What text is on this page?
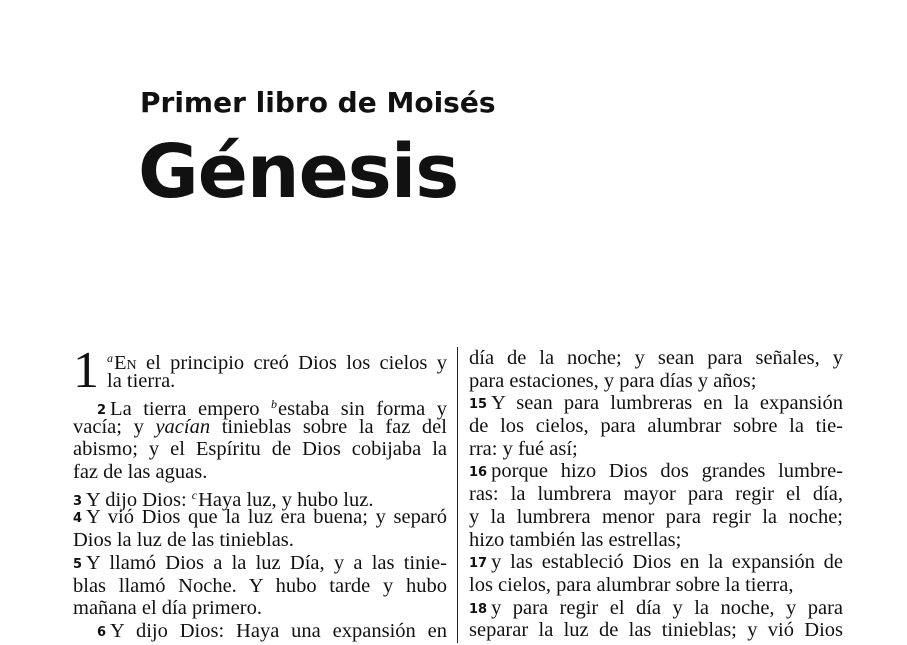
Primer libro de Moisés
Génesis
1 $^a$En el principio creó Dios los cielos y
la tierra.
2 La tierra empero $^b$estaba sin forma y
vacía; y yacían tinieblas sobre la faz del
abismo; y el Espíritu de Dios cobijaba la
faz de las aguas.
3 Y dijo Dios: $^c$Haya luz, y hubo luz.
4 Y vió Dios que la luz era buena; y separó
Dios la luz de las tinieblas.
5 Y llamó Dios a la luz Día, y a las tinie-
blas llamó Noche. Y hubo tarde y hubo
mañana el día primero.
6 Y dijo Dios: Haya una expansión en
día de la noche; y sean para señales, y
para estaciones, y para días y años;
15 Y sean para lumbreras en la expansión
de los cielos, para alumbrar sobre la tie-
rra: y fué así;
16 porque hizo Dios dos grandes lumbre-
ras: la lumbrera mayor para regir el día,
y la lumbrera menor para regir la noche;
hizo también las estrellas;
17 y las estableció Dios en la expansión de
los cielos, para alumbrar sobre la tierra,
18 y para regir el día y la noche, y para
separar la luz de las tinieblas; y vió Dios
